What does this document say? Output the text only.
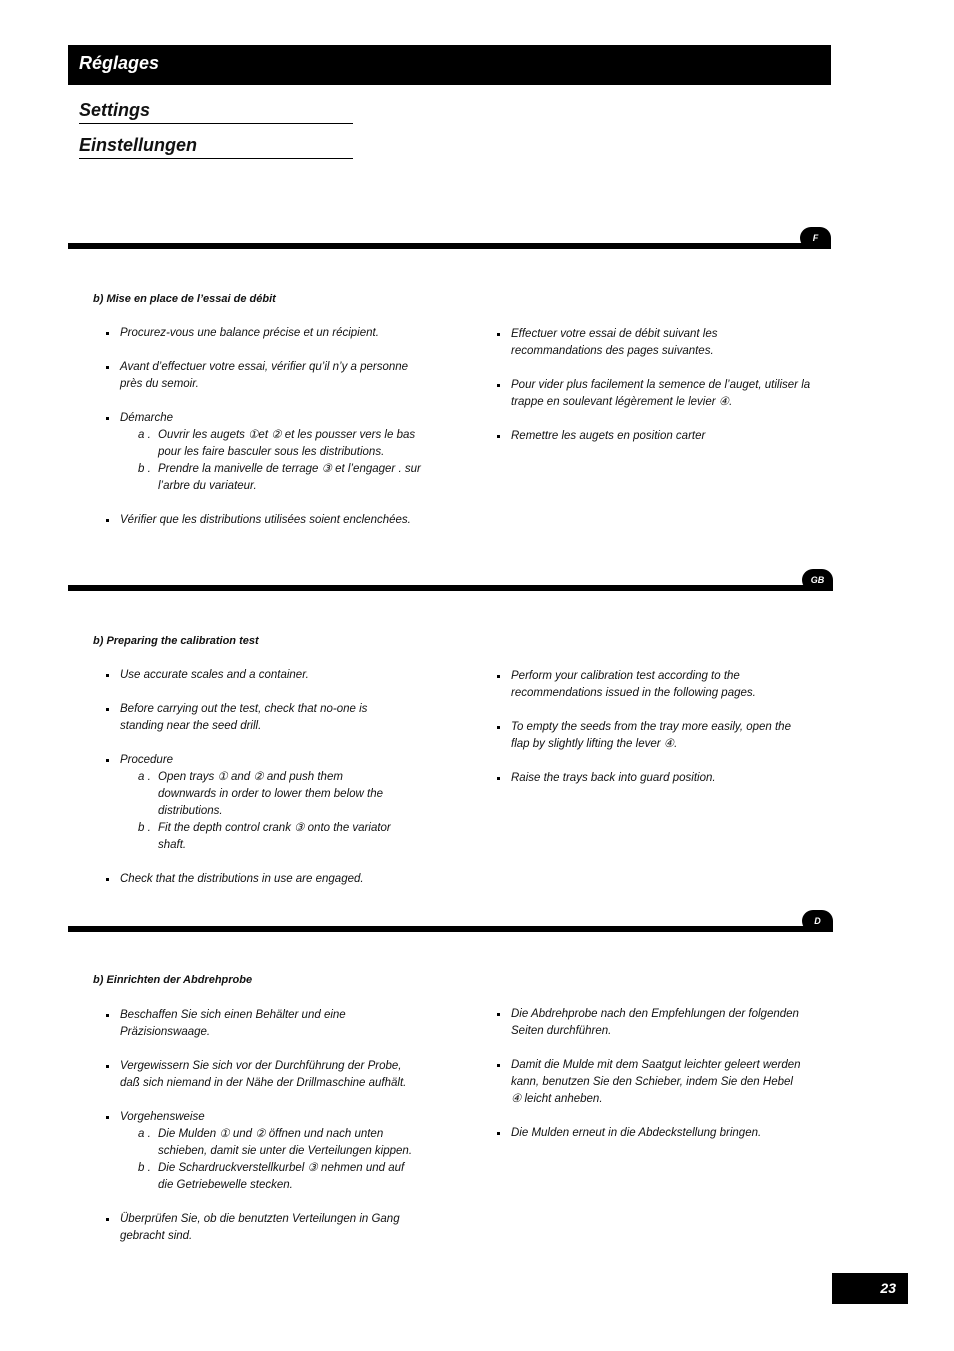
Réglages
Settings
Einstellungen
F
b) Mise en place de l’essai de débit
Procurez-vous une balance précise et un récipient.
Avant d’effectuer votre essai, vérifier qu’il n’y a personne près du semoir.
Démarche
a . Ouvrir les augets ①et ② et les pousser vers le bas pour les faire basculer sous les distributions.
b . Prendre la manivelle de terrage ③ et l’engager . sur l’arbre du variateur.
Vérifier que les distributions utilisées soient enclenchées.
Effectuer votre essai de débit suivant les recommandations des pages suivantes.
Pour vider plus facilement la semence de l’auget, utiliser la trappe en soulevant légèrement le levier ④.
Remettre les augets en position carter
GB
b) Preparing the calibration test
Use accurate scales and a container.
Before carrying out the test, check that no-one is standing near the seed drill.
Procedure
a . Open trays ① and ② and push them downwards in order to lower them below the distributions.
b . Fit the depth control crank ③ onto the variator shaft.
Check that the distributions in use are engaged.
Perform your calibration test according to the recommendations issued in the following pages.
To empty the seeds from the tray more easily, open the flap by slightly lifting the lever ④.
Raise the trays back into guard position.
D
b) Einrichten der Abdrehprobe
Beschaffen Sie sich einen Behälter und eine Präzisionswaage.
Vergewissern Sie sich vor der Durchführung der Probe, daß sich niemand in der Nähe der Drillmaschine aufhält.
Vorgehensweise
a . Die Mulden ① und ② öffnen und nach unten schieben, damit sie unter die Verteilungen kippen.
b . Die Schardruckverstellkurbel ③ nehmen und auf die Getriebewelle stecken.
Überprüfen Sie, ob die benutzten Verteilungen in Gang gebracht sind.
Die Abdrehprobe nach den Empfehlungen der folgenden Seiten durchführen.
Damit die Mulde mit dem Saatgut leichter geleert werden kann, benutzen Sie den Schieber, indem Sie den Hebel ④ leicht anheben.
Die Mulden erneut in die Abdeckstellung bringen.
23
